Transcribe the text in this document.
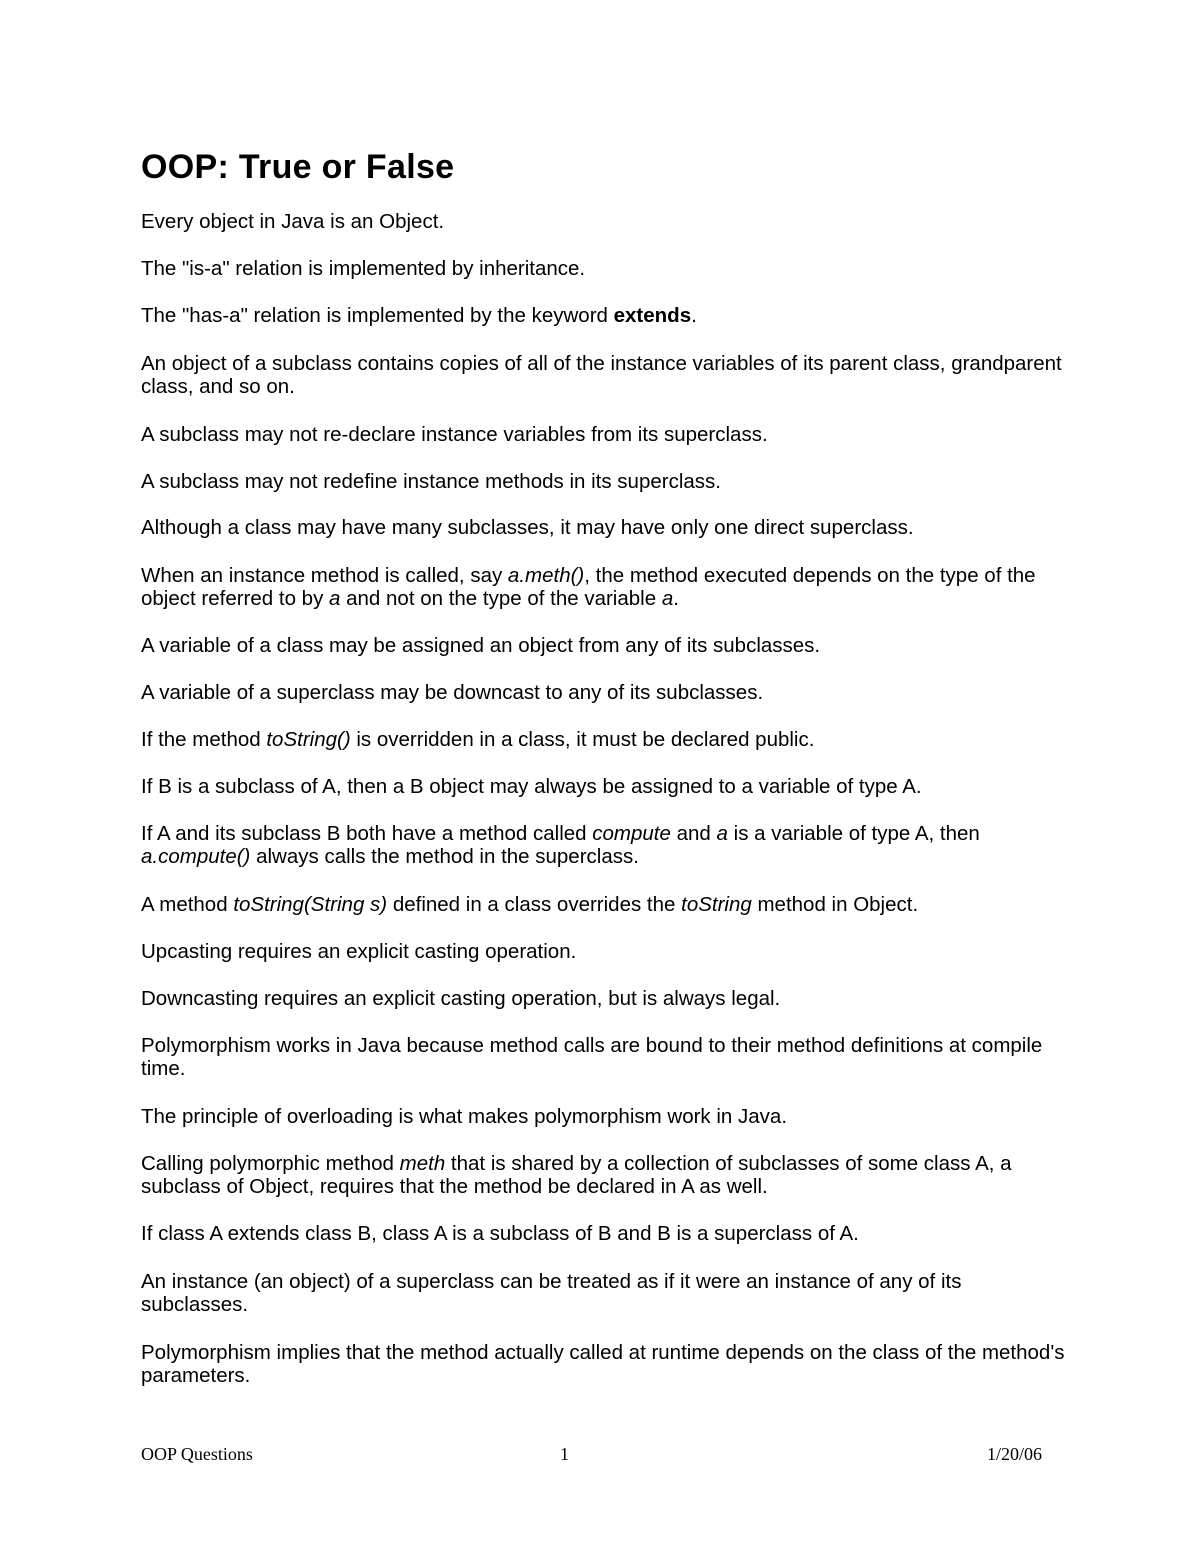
OOP: True or False

Every object in Java is an Object.

The "is-a" relation is implemented by inheritance.

The "has-a" relation is implemented by the keyword extends.

An object of a subclass contains copies of all of the instance variables of its parent class, grandparent class, and so on.

A subclass may not re-declare instance variables from its superclass.

A subclass may not redefine instance methods in its superclass.

Although a class may have many subclasses, it may have only one direct superclass.

When an instance method is called, say a.meth(), the method executed depends on the type of the object referred to by a and not on the type of the variable a.

A variable of a class may be assigned an object from any of its subclasses.

A variable of a superclass may be downcast to any of its subclasses.

If the method toString() is overridden in a class, it must be declared public.

If B is a subclass of A, then a B object may always be assigned to a variable of type A.

If A and its subclass B both have a method called compute and a is a variable of type A, then a.compute() always calls the method in the superclass.

A method toString(String s) defined in a class overrides the toString method in Object.

Upcasting requires an explicit casting operation.

Downcasting requires an explicit casting operation, but is always legal.

Polymorphism works in Java because method calls are bound to their method definitions at compile time.

The principle of overloading is what makes polymorphism work in Java.

Calling polymorphic method meth that is shared by a collection of subclasses of some class A, a subclass of Object, requires that the method be declared in A as well.

If class A extends class B, class A is a subclass of B and B is a superclass of A.

An instance (an object) of a superclass can be treated as if it were an instance of any of its subclasses.

Polymorphism implies that the method actually called at runtime depends on the class of the method's parameters.

OOP Questions	1	1/20/06
